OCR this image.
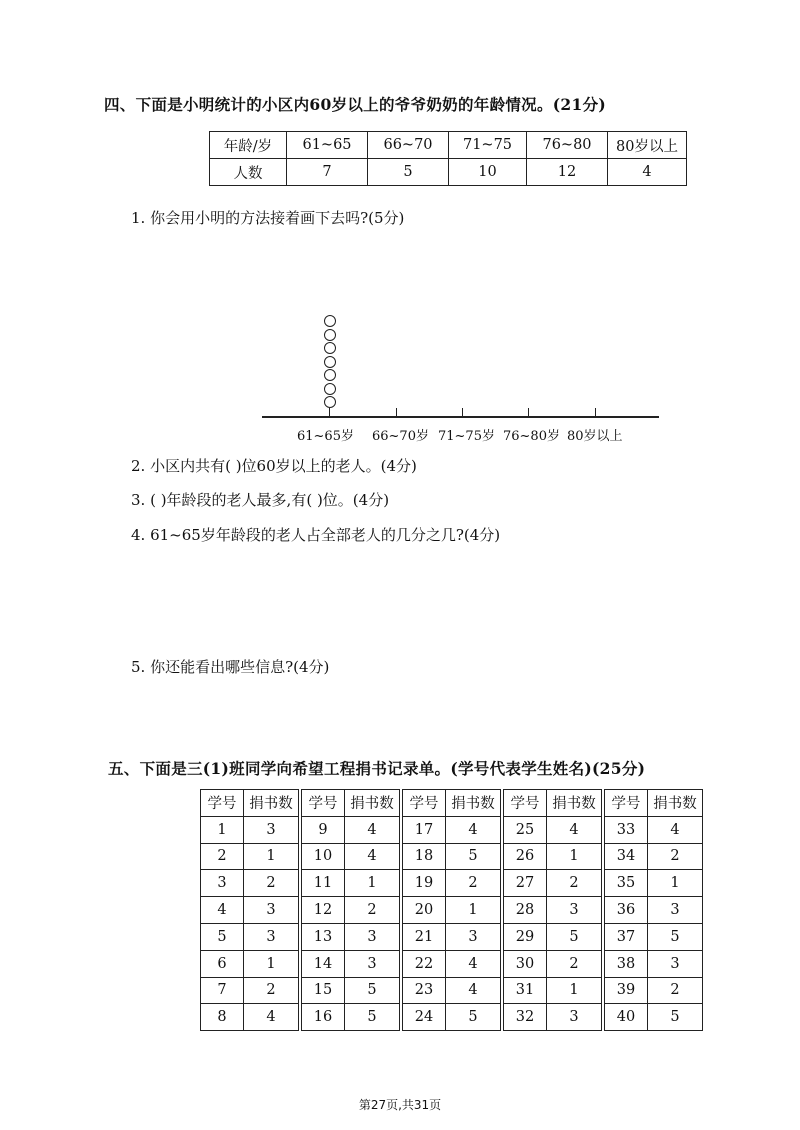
四、下面是小明统计的小区内60岁以上的爷爷奶奶的年龄情况。(21分)
年龄/岁	61~65	66~70	71~75	76~80	80岁以上
人数	7	5	10	12	4
1. 你会用小明的方法接着画下去吗?(5分)
61~65岁 66~70岁 71~75岁 76~80岁 80岁以上
2. 小区内共有( )位60岁以上的老人。(4分)
3. ( )年龄段的老人最多,有( )位。(4分)
4. 61~65岁年龄段的老人占全部老人的几分之几?(4分)
5. 你还能看出哪些信息?(4分)
五、下面是三(1)班同学向希望工程捐书记录单。(学号代表学生姓名)(25分)
学号	捐书数	学号	捐书数	学号	捐书数	学号	捐书数	学号	捐书数
1	3	9	4	17	4	25	4	33	4
2	1	10	4	18	5	26	1	34	2
3	2	11	1	19	2	27	2	35	1
4	3	12	2	20	1	28	3	36	3
5	3	13	3	21	3	29	5	37	5
6	1	14	3	22	4	30	2	38	3
7	2	15	5	23	4	31	1	39	2
8	4	16	5	24	5	32	3	40	5
第27页,共31页
